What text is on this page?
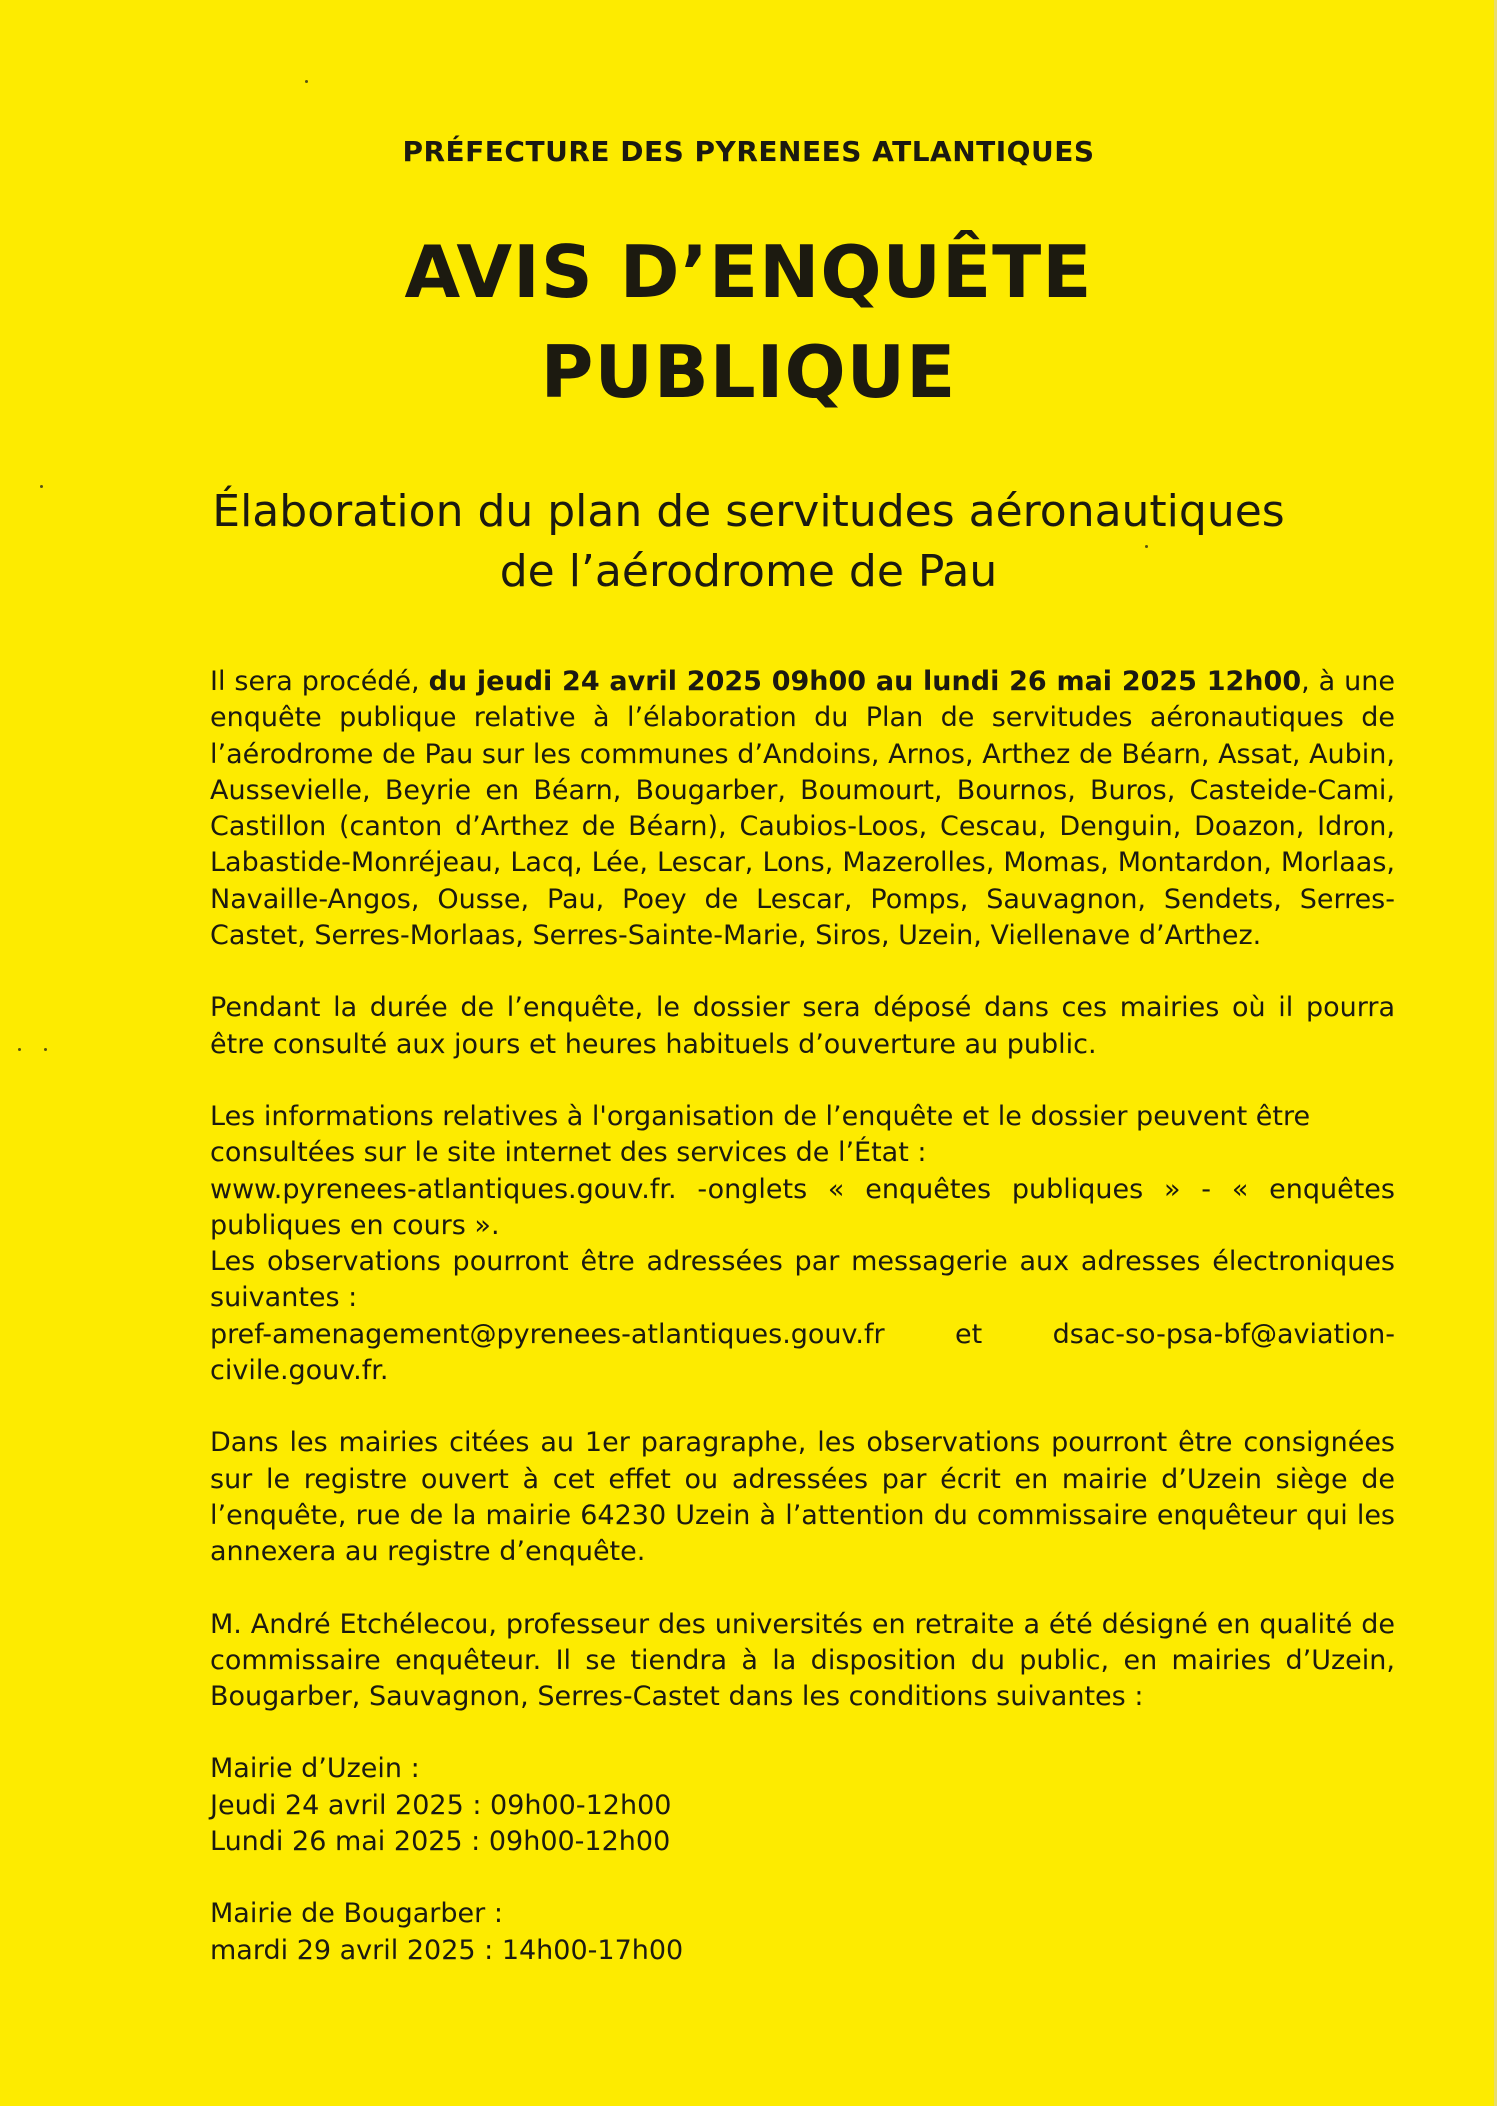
PRÉFECTURE DES PYRENEES ATLANTIQUES

AVIS D’ENQUÊTE
PUBLIQUE
Élaboration du plan de servitudes aéronautiques
de l’aérodrome de Pau

Il sera procédé, du jeudi 24 avril 2025 09h00 au lundi 26 mai 2025 12h00, à une enquête publique relative à l’élaboration du Plan de servitudes aéronautiques de l’aérodrome de Pau sur les communes d’Andoins, Arnos, Arthez de Béarn, Assat, Aubin, Aussevielle, Beyrie en Béarn, Bougarber, Boumourt, Bournos, Buros, Casteide-Cami, Castillon (canton d’Arthez de Béarn), Caubios-Loos, Cescau, Denguin, Doazon, Idron, Labastide-Monréjeau, Lacq, Lée, Lescar, Lons, Mazerolles, Momas, Montardon, Morlaas, Navaille-Angos, Ousse, Pau, Poey de Lescar, Pomps, Sauvagnon, Sendets, Serres-Castet, Serres-Morlaas, Serres-Sainte-Marie, Siros, Uzein, Viellenave d’Arthez.

Pendant la durée de l’enquête, le dossier sera déposé dans ces mairies où il pourra être consulté aux jours et heures habituels d’ouverture au public.

Les informations relatives à l'organisation de l’enquête et le dossier peuvent être consultées sur le site internet des services de l’État :

www.pyrenees-atlantiques.gouv.fr. -onglets « enquêtes publiques » - « enquêtes publiques en cours ».

Les observations pourront être adressées par messagerie aux adresses électroniques suivantes :

pref-amenagement@pyrenees-atlantiques.gouv.fr et dsac-so-psa-bf@aviation-civile.gouv.fr.

Dans les mairies citées au 1er paragraphe, les observations pourront être consignées sur le registre ouvert à cet effet ou adressées par écrit en mairie d’Uzein siège de l’enquête, rue de la mairie 64230 Uzein à l’attention du commissaire enquêteur qui les annexera au registre d’enquête.

M. André Etchélecou, professeur des universités en retraite a été désigné en qualité de commissaire enquêteur. Il se tiendra à la disposition du public, en mairies d’Uzein, Bougarber, Sauvagnon, Serres-Castet dans les conditions suivantes :

Mairie d’Uzein :

Jeudi 24 avril 2025 : 09h00-12h00

Lundi 26 mai 2025 : 09h00-12h00

Mairie de Bougarber :

mardi 29 avril 2025 : 14h00-17h00
